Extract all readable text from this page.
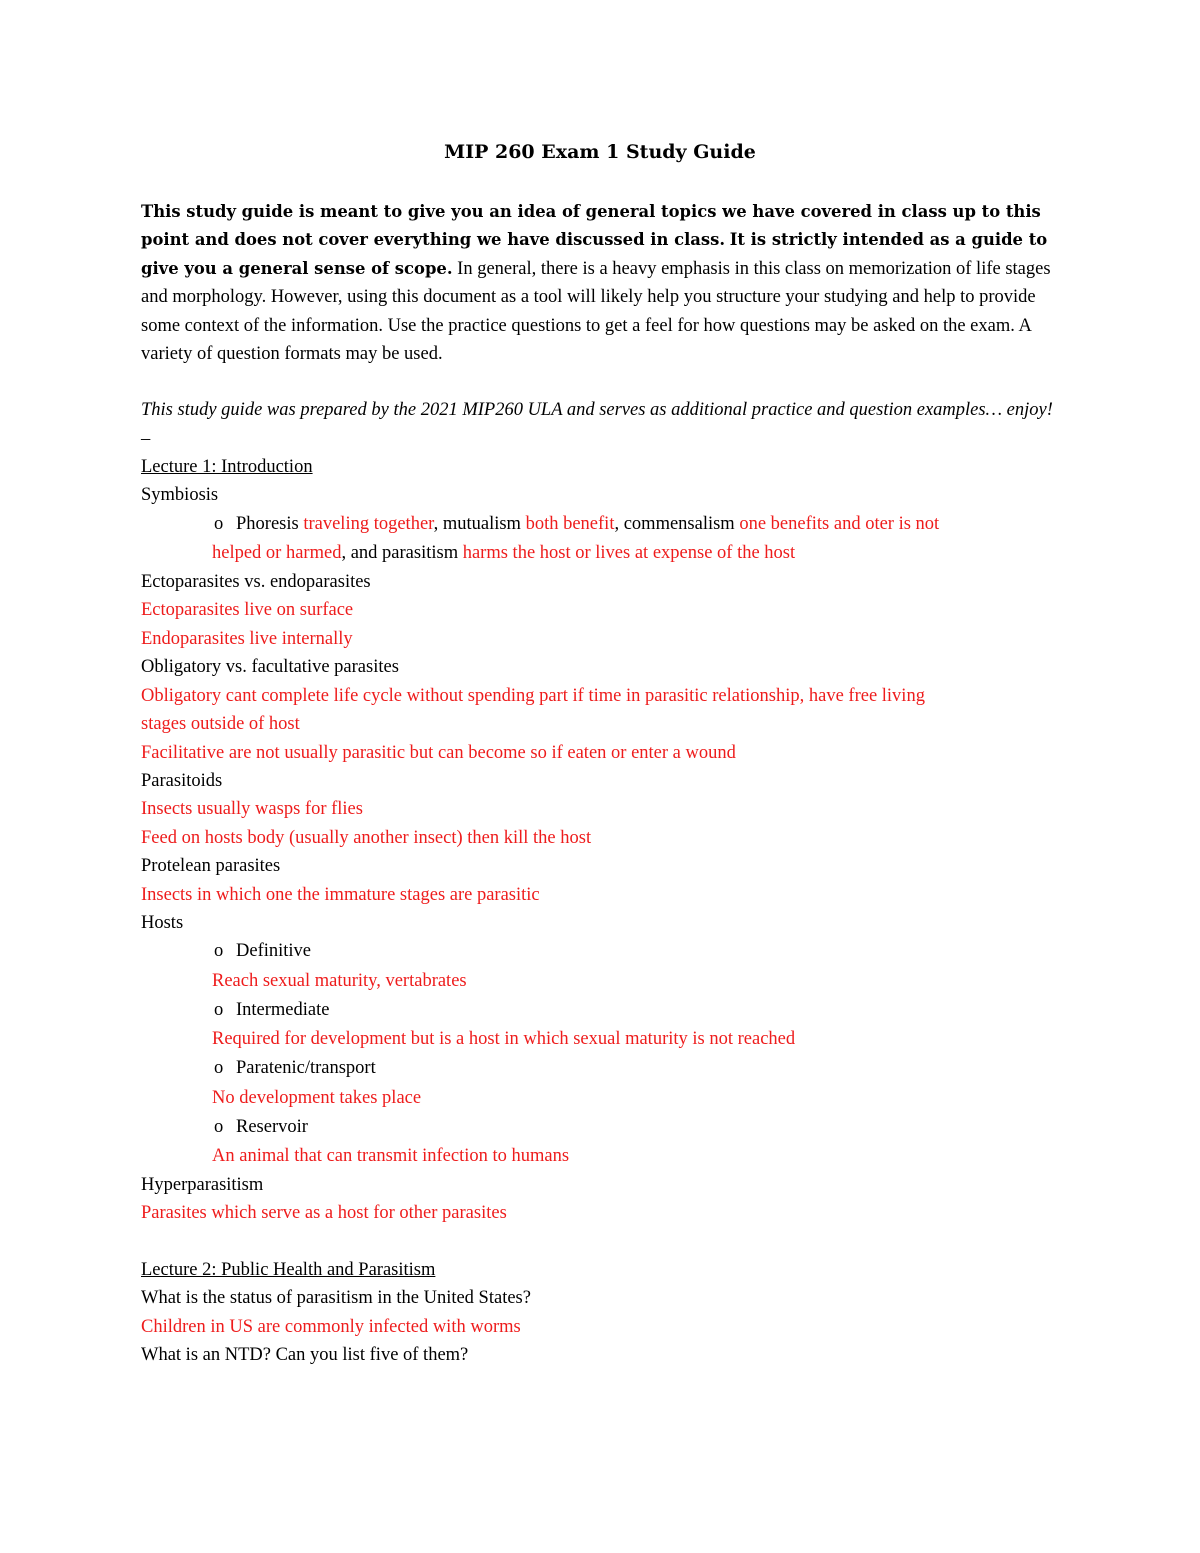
MIP 260 Exam 1 Study Guide

This study guide is meant to give you an idea of general topics we have covered in class up to this point and does not cover everything we have discussed in class. It is strictly intended as a guide to give you a general sense of scope. In general, there is a heavy emphasis in this class on memorization of life stages and morphology. However, using this document as a tool will likely help you structure your studying and help to provide some context of the information. Use the practice questions to get a feel for how questions may be asked on the exam. A variety of question formats may be used.

This study guide was prepared by the 2021 MIP260 ULA and serves as additional practice and question examples… enjoy!
–
Lecture 1: Introduction
Symbiosis
o Phoresis traveling together, mutualism both benefit, commensalism one benefits and oter is not
helped or harmed, and parasitism harms the host or lives at expense of the host
Ectoparasites vs. endoparasites
Ectoparasites live on surface
Endoparasites live internally
Obligatory vs. facultative parasites
Obligatory cant complete life cycle without spending part if time in parasitic relationship, have free living
stages outside of host
Facilitative are not usually parasitic but can become so if eaten or enter a wound
Parasitoids
Insects usually wasps for flies
Feed on hosts body (usually another insect) then kill the host
Protelean parasites
Insects in which one the immature stages are parasitic
Hosts
o Definitive
Reach sexual maturity, vertabrates
o Intermediate
Required for development but is a host in which sexual maturity is not reached
o Paratenic/transport
No development takes place
o Reservoir
An animal that can transmit infection to humans
Hyperparasitism
Parasites which serve as a host for other parasites
Lecture 2: Public Health and Parasitism
What is the status of parasitism in the United States?
Children in US are commonly infected with worms
What is an NTD? Can you list five of them?
